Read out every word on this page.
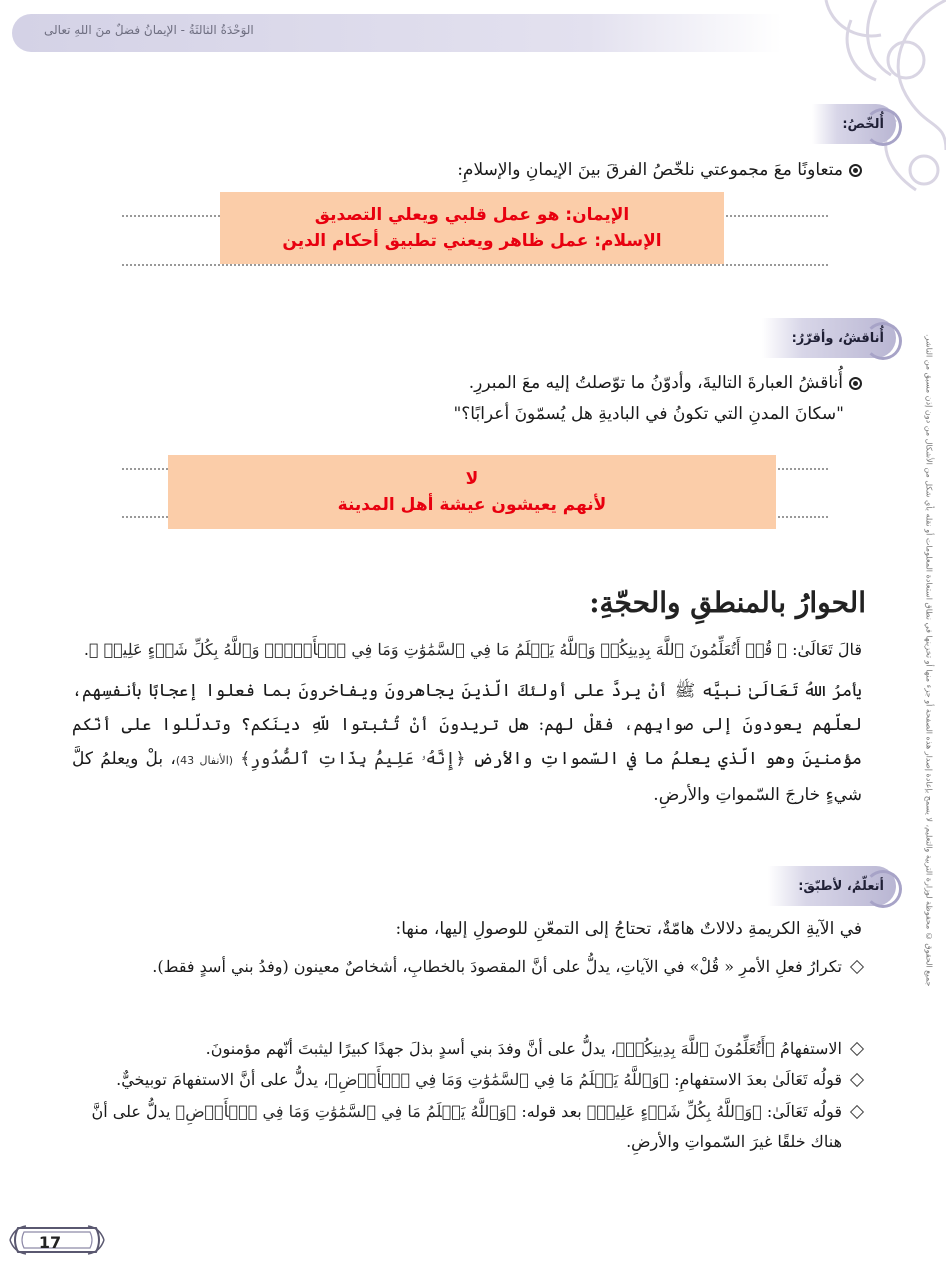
الوَحْدَةُ الثالثَةُ - الإيمانُ فضلٌ منَ اللهِ تعالى
جميع الحقوق © محفوظة لوزارة التربية والتعليم، لا يسمح بإعادة إصدار هذه الصفحة أو جزء منها أو تخزينها في نطاق استعادة المعلومات أو نقله بأي شكل من الأشكال من دون إذن مسبق من الناشر.
أُلخّصُ:
متعاونًا معَ مجموعتي نلخّصُ الفرقَ بينَ الإيمانِ والإسلامِ:
الإيمان: هو عمل قلبي ويعلي التصديق
الإسلام: عمل ظاهر ويعني تطبيق أحكام الدين
أُناقشُ، وأقرّرُ:
أُناقشُ العبارةَ التاليةَ، وأدوّنُ ما توّصلتُ إليه معَ المبررِ.
"سكانَ المدنِ التي تكونُ في الباديةِ هل يُسمّونَ أعرابًا؟"
لا
لأنهم يعيشون عيشة أهل المدينة
الحوارُ بالمنطقِ والحجّةِ:
قالَ تَعَالَىٰ: ﴿ قُلۡ أَتُعَلِّمُونَ ٱللَّهَ بِدِينِكُمۡ وَٱللَّهُ يَعۡلَمُ مَا فِي ٱلسَّمَٰوَٰتِ وَمَا فِي ٱلۡأَرۡضِۚ وَٱللَّهُ بِكُلِّ شَيۡءٍ عَلِيمٞ ﴾.
يأمرُ اللهُ تَعَالَىٰ نبيَّه ﷺ أنْ يردَّ على أولئكَ الّذينَ يجاهرونَ ويفاخرونَ بما فعلوا إعجابًا بأنفسِهم، لعلّهم يعودونَ إلى صوابِهم، فقلْ لهم: هل تريدونَ أنْ تُثبتوا للّهِ دينَكم؟ وتدلّلوا على أنّكم مؤمنينَ وهو الّذي يعلمُ ما في السّمواتِ والأرضِ ﴿إِنَّهُۥ عَلِيمُۢ بِذَاتِ ٱلصُّدُورِ﴾ (الأنفال 43)، بلْ ويعلمُ كلَّ شيءٍ خارجَ السّمواتِ والأرضِ.
أتعلّمُ، لأطبّقَ:
في الآيةِ الكريمةِ دلالاتٌ هامّةٌ، تحتاجُ إلى التمعّنِ للوصولِ إليها، منها:
تكرارُ فعلِ الأمرِ « قُلْ» في الآياتِ، يدلُّ على أنَّ المقصودَ بالخطابِ، أشخاصٌ معينون (وفدُ بني أسدٍ فقط).
الاستفهامُ ﴿أَتُعَلِّمُونَ ٱللَّهَ بِدِينِكُمۡ﴾، يدلُّ على أنَّ وفدَ بني أسدٍ بذلَ جهدًا كبيرًا ليثبتَ أنّهم مؤمنونَ.
قولُه تَعَالَىٰ بعدَ الاستفهامِ: ﴿وَٱللَّهُ يَعۡلَمُ مَا فِي ٱلسَّمَٰوَٰتِ وَمَا فِي ٱلۡأَرۡضِ﴾، يدلُّ على أنَّ الاستفهامَ توبيخيٌّ.
قولُه تَعَالَىٰ: ﴿وَٱللَّهُ بِكُلِّ شَيۡءٍ عَلِيمٞ﴾ بعد قوله: ﴿وَٱللَّهُ يَعۡلَمُ مَا فِي ٱلسَّمَٰوَٰتِ وَمَا فِي ٱلۡأَرۡضِ﴾ يدلُّ على أنَّ هناك خلقًا غيرَ السّمواتِ والأرضِ.
17
